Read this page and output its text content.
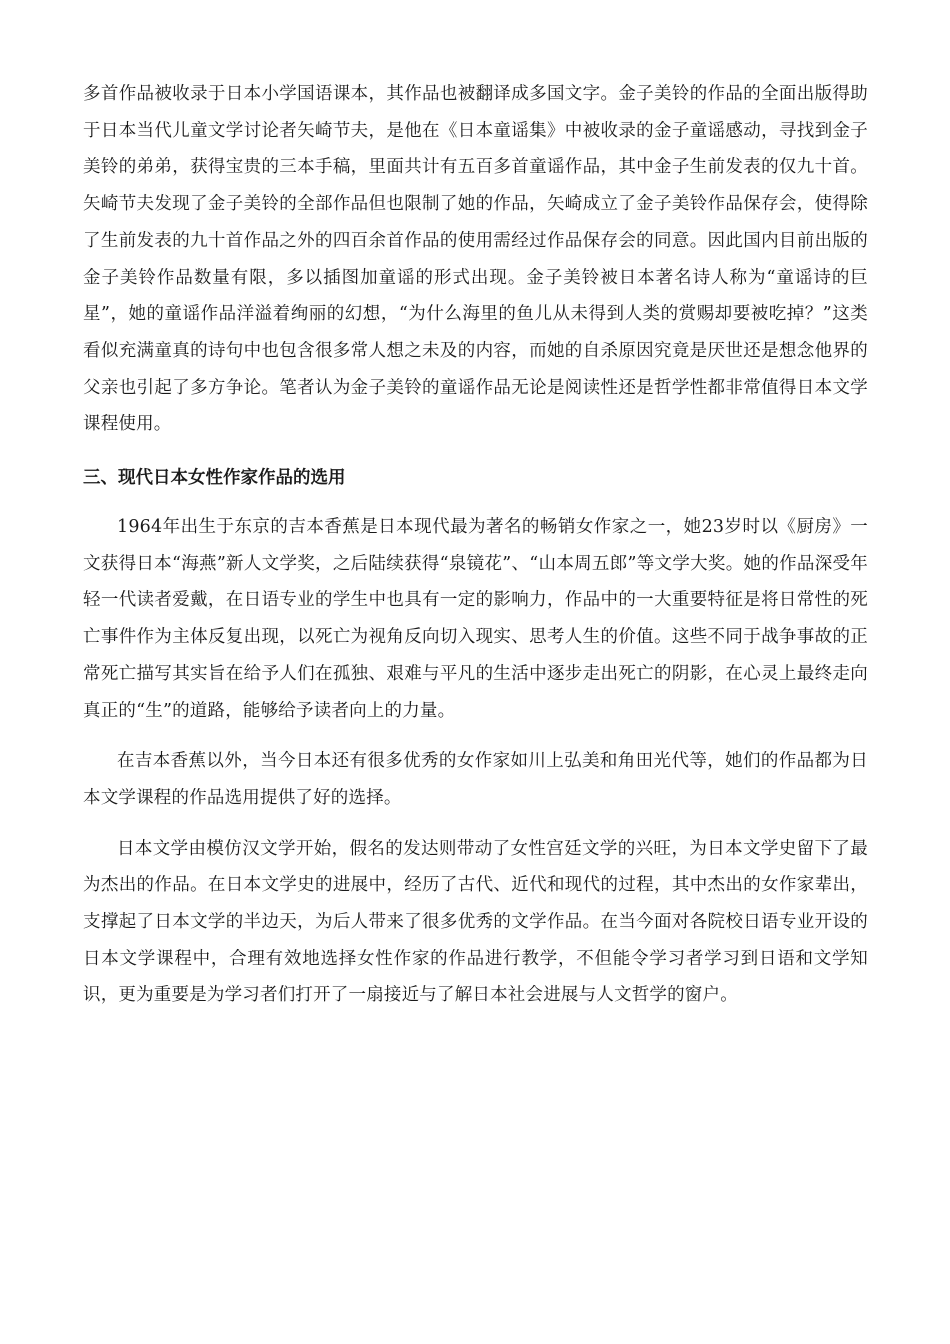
多首作品被收录于日本小学国语课本，其作品也被翻译成多国文字。金子美铃的作品的全面出版得助于日本当代儿童文学讨论者矢崎节夫，是他在《日本童谣集》中被收录的金子童谣感动，寻找到金子美铃的弟弟，获得宝贵的三本手稿，里面共计有五百多首童谣作品，其中金子生前发表的仅九十首。矢崎节夫发现了金子美铃的全部作品但也限制了她的作品，矢崎成立了金子美铃作品保存会，使得除了生前发表的九十首作品之外的四百余首作品的使用需经过作品保存会的同意。因此国内目前出版的金子美铃作品数量有限，多以插图加童谣的形式出现。金子美铃被日本著名诗人称为“童谣诗的巨星”，她的童谣作品洋溢着绚丽的幻想，“为什么海里的鱼儿从未得到人类的赏赐却要被吃掉？”这类看似充满童真的诗句中也包含很多常人想之未及的内容，而她的自杀原因究竟是厌世还是想念他界的父亲也引起了多方争论。笔者认为金子美铃的童谣作品无论是阅读性还是哲学性都非常值得日本文学课程使用。

三、现代日本女性作家作品的选用

1964年出生于东京的吉本香蕉是日本现代最为著名的畅销女作家之一，她23岁时以《厨房》一文获得日本“海燕”新人文学奖，之后陆续获得“泉镜花”、“山本周五郎”等文学大奖。她的作品深受年轻一代读者爱戴，在日语专业的学生中也具有一定的影响力，作品中的一大重要特征是将日常性的死亡事件作为主体反复出现，以死亡为视角反向切入现实、思考人生的价值。这些不同于战争事故的正常死亡描写其实旨在给予人们在孤独、艰难与平凡的生活中逐步走出死亡的阴影，在心灵上最终走向真正的“生”的道路，能够给予读者向上的力量。

在吉本香蕉以外，当今日本还有很多优秀的女作家如川上弘美和角田光代等，她们的作品都为日本文学课程的作品选用提供了好的选择。

日本文学由模仿汉文学开始，假名的发达则带动了女性宫廷文学的兴旺，为日本文学史留下了最为杰出的作品。在日本文学史的进展中，经历了古代、近代和现代的过程，其中杰出的女作家辈出，支撑起了日本文学的半边天，为后人带来了很多优秀的文学作品。在当今面对各院校日语专业开设的日本文学课程中，合理有效地选择女性作家的作品进行教学，不但能令学习者学习到日语和文学知识，更为重要是为学习者们打开了一扇接近与了解日本社会进展与人文哲学的窗户。
